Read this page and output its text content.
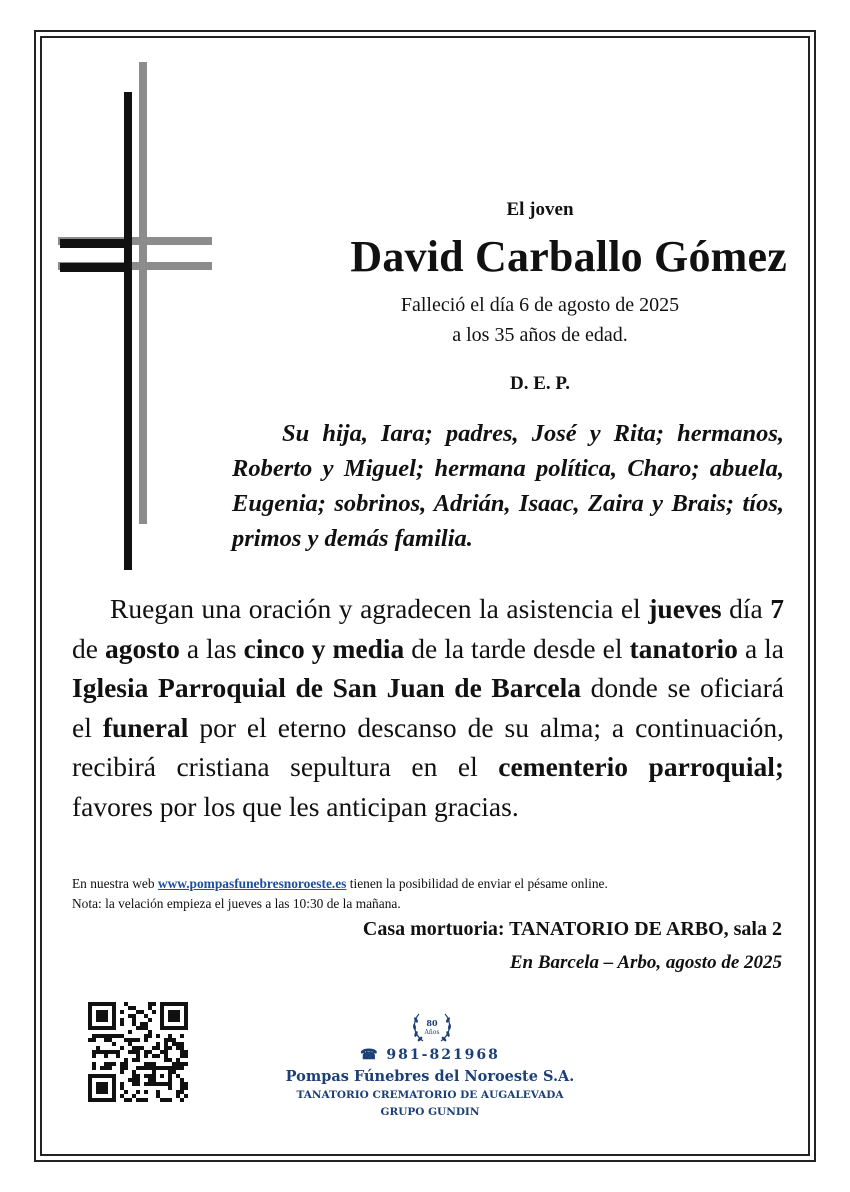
El joven

David Carballo Gómez

Falleció el día 6 de agosto de 2025
a los 35 años de edad.
D. E. P.
Su hija, Iara; padres, José y Rita; hermanos, Roberto y Miguel; hermana política, Charo; abuela, Eugenia; sobrinos, Adrián, Isaac, Zaira y Brais; tíos, primos y demás familia.
Ruegan una oración y agradecen la asistencia el jueves día 7 de agosto a las cinco y media de la tarde desde el tanatorio a la Iglesia Parroquial de San Juan de Barcela donde se oficiará el funeral por el eterno descanso de su alma; a continuación, recibirá cristiana sepultura en el cementerio parroquial; favores por los que les anticipan gracias.
En nuestra web www.pompasfunebresnoroeste.es tienen la posibilidad de enviar el pésame online.
Nota: la velación empieza el jueves a las 10:30 de la mañana.
Casa mortuoria: TANATORIO DE ARBO, sala 2
En Barcela – Arbo, agosto de 2025
80
Años
☎ 981-821968
Pompas Fúnebres del Noroeste S.A.
TANATORIO CREMATORIO DE AUGALEVADA
GRUPO GUNDIN
